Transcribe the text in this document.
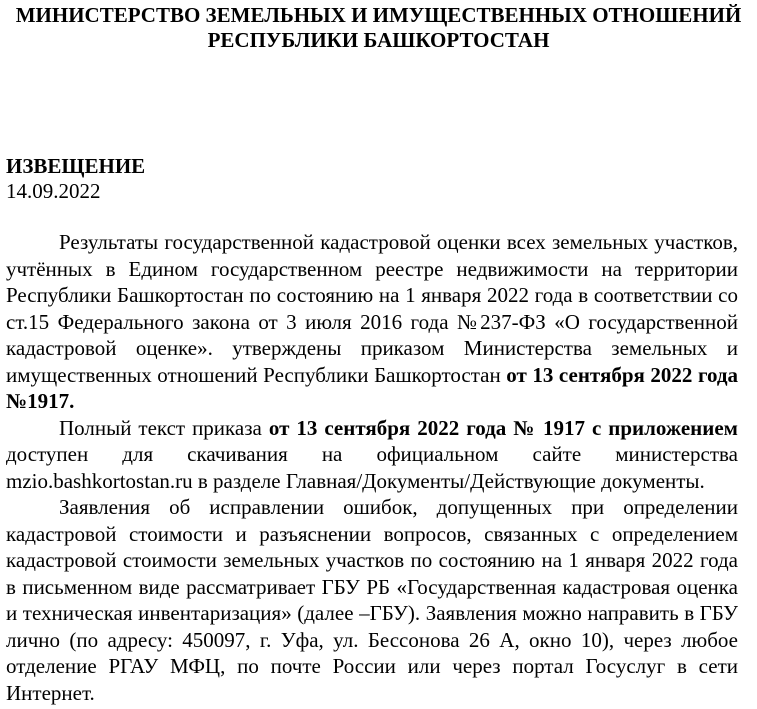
МИНИСТЕРСТВО ЗЕМЕЛЬНЫХ И ИМУЩЕСТВЕННЫХ ОТНОШЕНИЙ
РЕСПУБЛИКИ БАШКОРТОСТАН
ИЗВЕЩЕНИЕ
14.09.2022

Результаты государственной кадастровой оценки всех земельных участков, учтённых в Едином государственном реестре недвижимости на территории Республики Башкортостан по состоянию на 1 января 2022 года в соответствии со ст.15 Федерального закона от 3 июля 2016 года №237-ФЗ «О государственной кадастровой оценке». утверждены приказом Министерства земельных и имущественных отношений Республики Башкортостан от 13 сентября 2022 года №1917.

Полный текст приказа от 13 сентября 2022 года № 1917 с приложением доступен для скачивания на официальном сайте министерства mzio.bashkortostan.ru в разделе Главная/Документы/Действующие документы.

Заявления об исправлении ошибок, допущенных при определении кадастровой стоимости и разъяснении вопросов, связанных с определением кадастровой стоимости земельных участков по состоянию на 1 января 2022 года в письменном виде рассматривает ГБУ РБ «Государственная кадастровая оценка и техническая инвентаризация» (далее –ГБУ). Заявления можно направить в ГБУ лично (по адресу: 450097, г. Уфа, ул. Бессонова 26 А, окно 10), через любое отделение РГАУ МФЦ, по почте России или через портал Госуслуг в сети Интернет.
